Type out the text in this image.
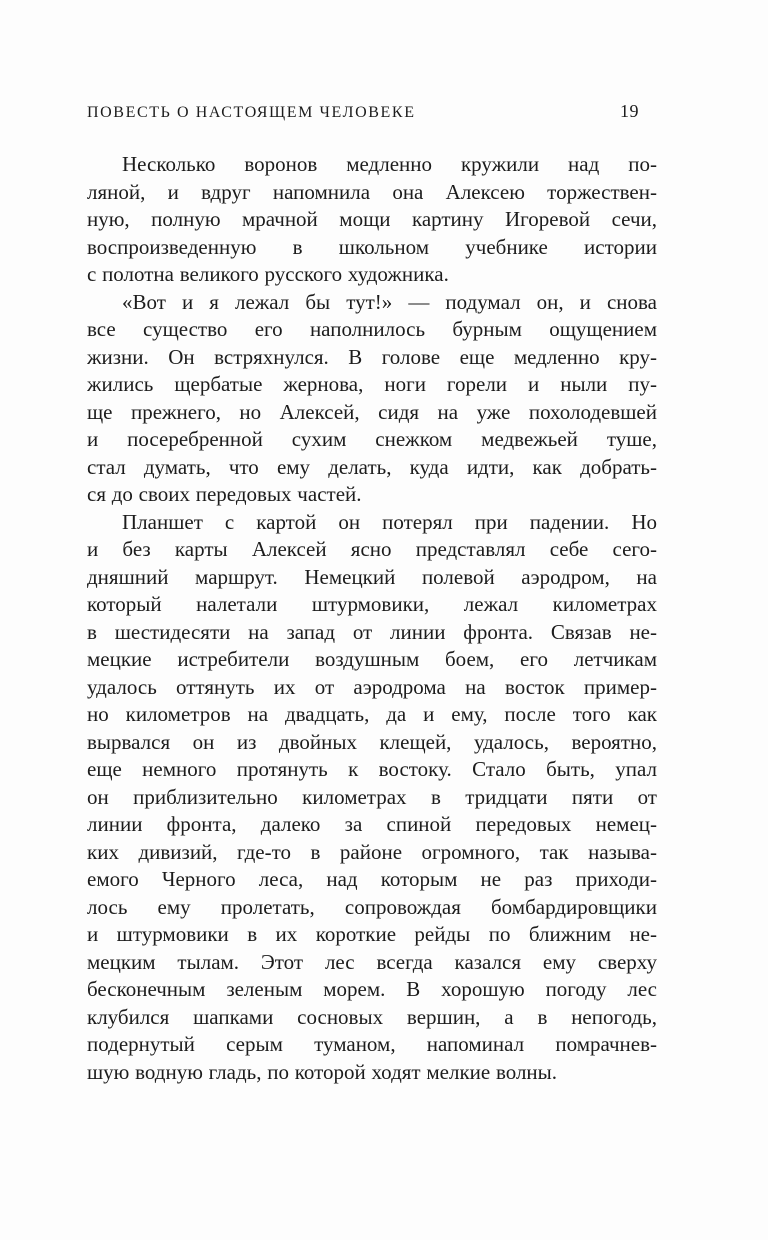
ПОВЕСТЬ О НАСТОЯЩЕМ ЧЕЛОВЕКЕ	19
Несколько воронов медленно кружили над по-
ляной, и вдруг напомнила она Алексею торжествен-
ную, полную мрачной мощи картину Игоревой сечи,
воспроизведенную в школьном учебнике истории
с полотна великого русского художника.
«Вот и я лежал бы тут!» — подумал он, и снова
все существо его наполнилось бурным ощущением
жизни. Он встряхнулся. В голове еще медленно кру-
жились щербатые жернова, ноги горели и ныли пу-
ще прежнего, но Алексей, сидя на уже похолодевшей
и посеребренной сухим снежком медвежьей туше,
стал думать, что ему делать, куда идти, как добрать-
ся до своих передовых частей.
Планшет с картой он потерял при падении. Но
и без карты Алексей ясно представлял себе сего-
дняшний маршрут. Немецкий полевой аэродром, на
который налетали штурмовики, лежал километрах
в шестидесяти на запад от линии фронта. Связав не-
мецкие истребители воздушным боем, его летчикам
удалось оттянуть их от аэродрома на восток пример-
но километров на двадцать, да и ему, после того как
вырвался он из двойных клещей, удалось, вероятно,
еще немного протянуть к востоку. Стало быть, упал
он приблизительно километрах в тридцати пяти от
линии фронта, далеко за спиной передовых немец-
ких дивизий, где-то в районе огромного, так называ-
емого Черного леса, над которым не раз приходи-
лось ему пролетать, сопровождая бомбардировщики
и штурмовики в их короткие рейды по ближним не-
мецким тылам. Этот лес всегда казался ему сверху
бесконечным зеленым морем. В хорошую погоду лес
клубился шапками сосновых вершин, а в непогодь,
подернутый серым туманом, напоминал помрачнев-
шую водную гладь, по которой ходят мелкие волны.
